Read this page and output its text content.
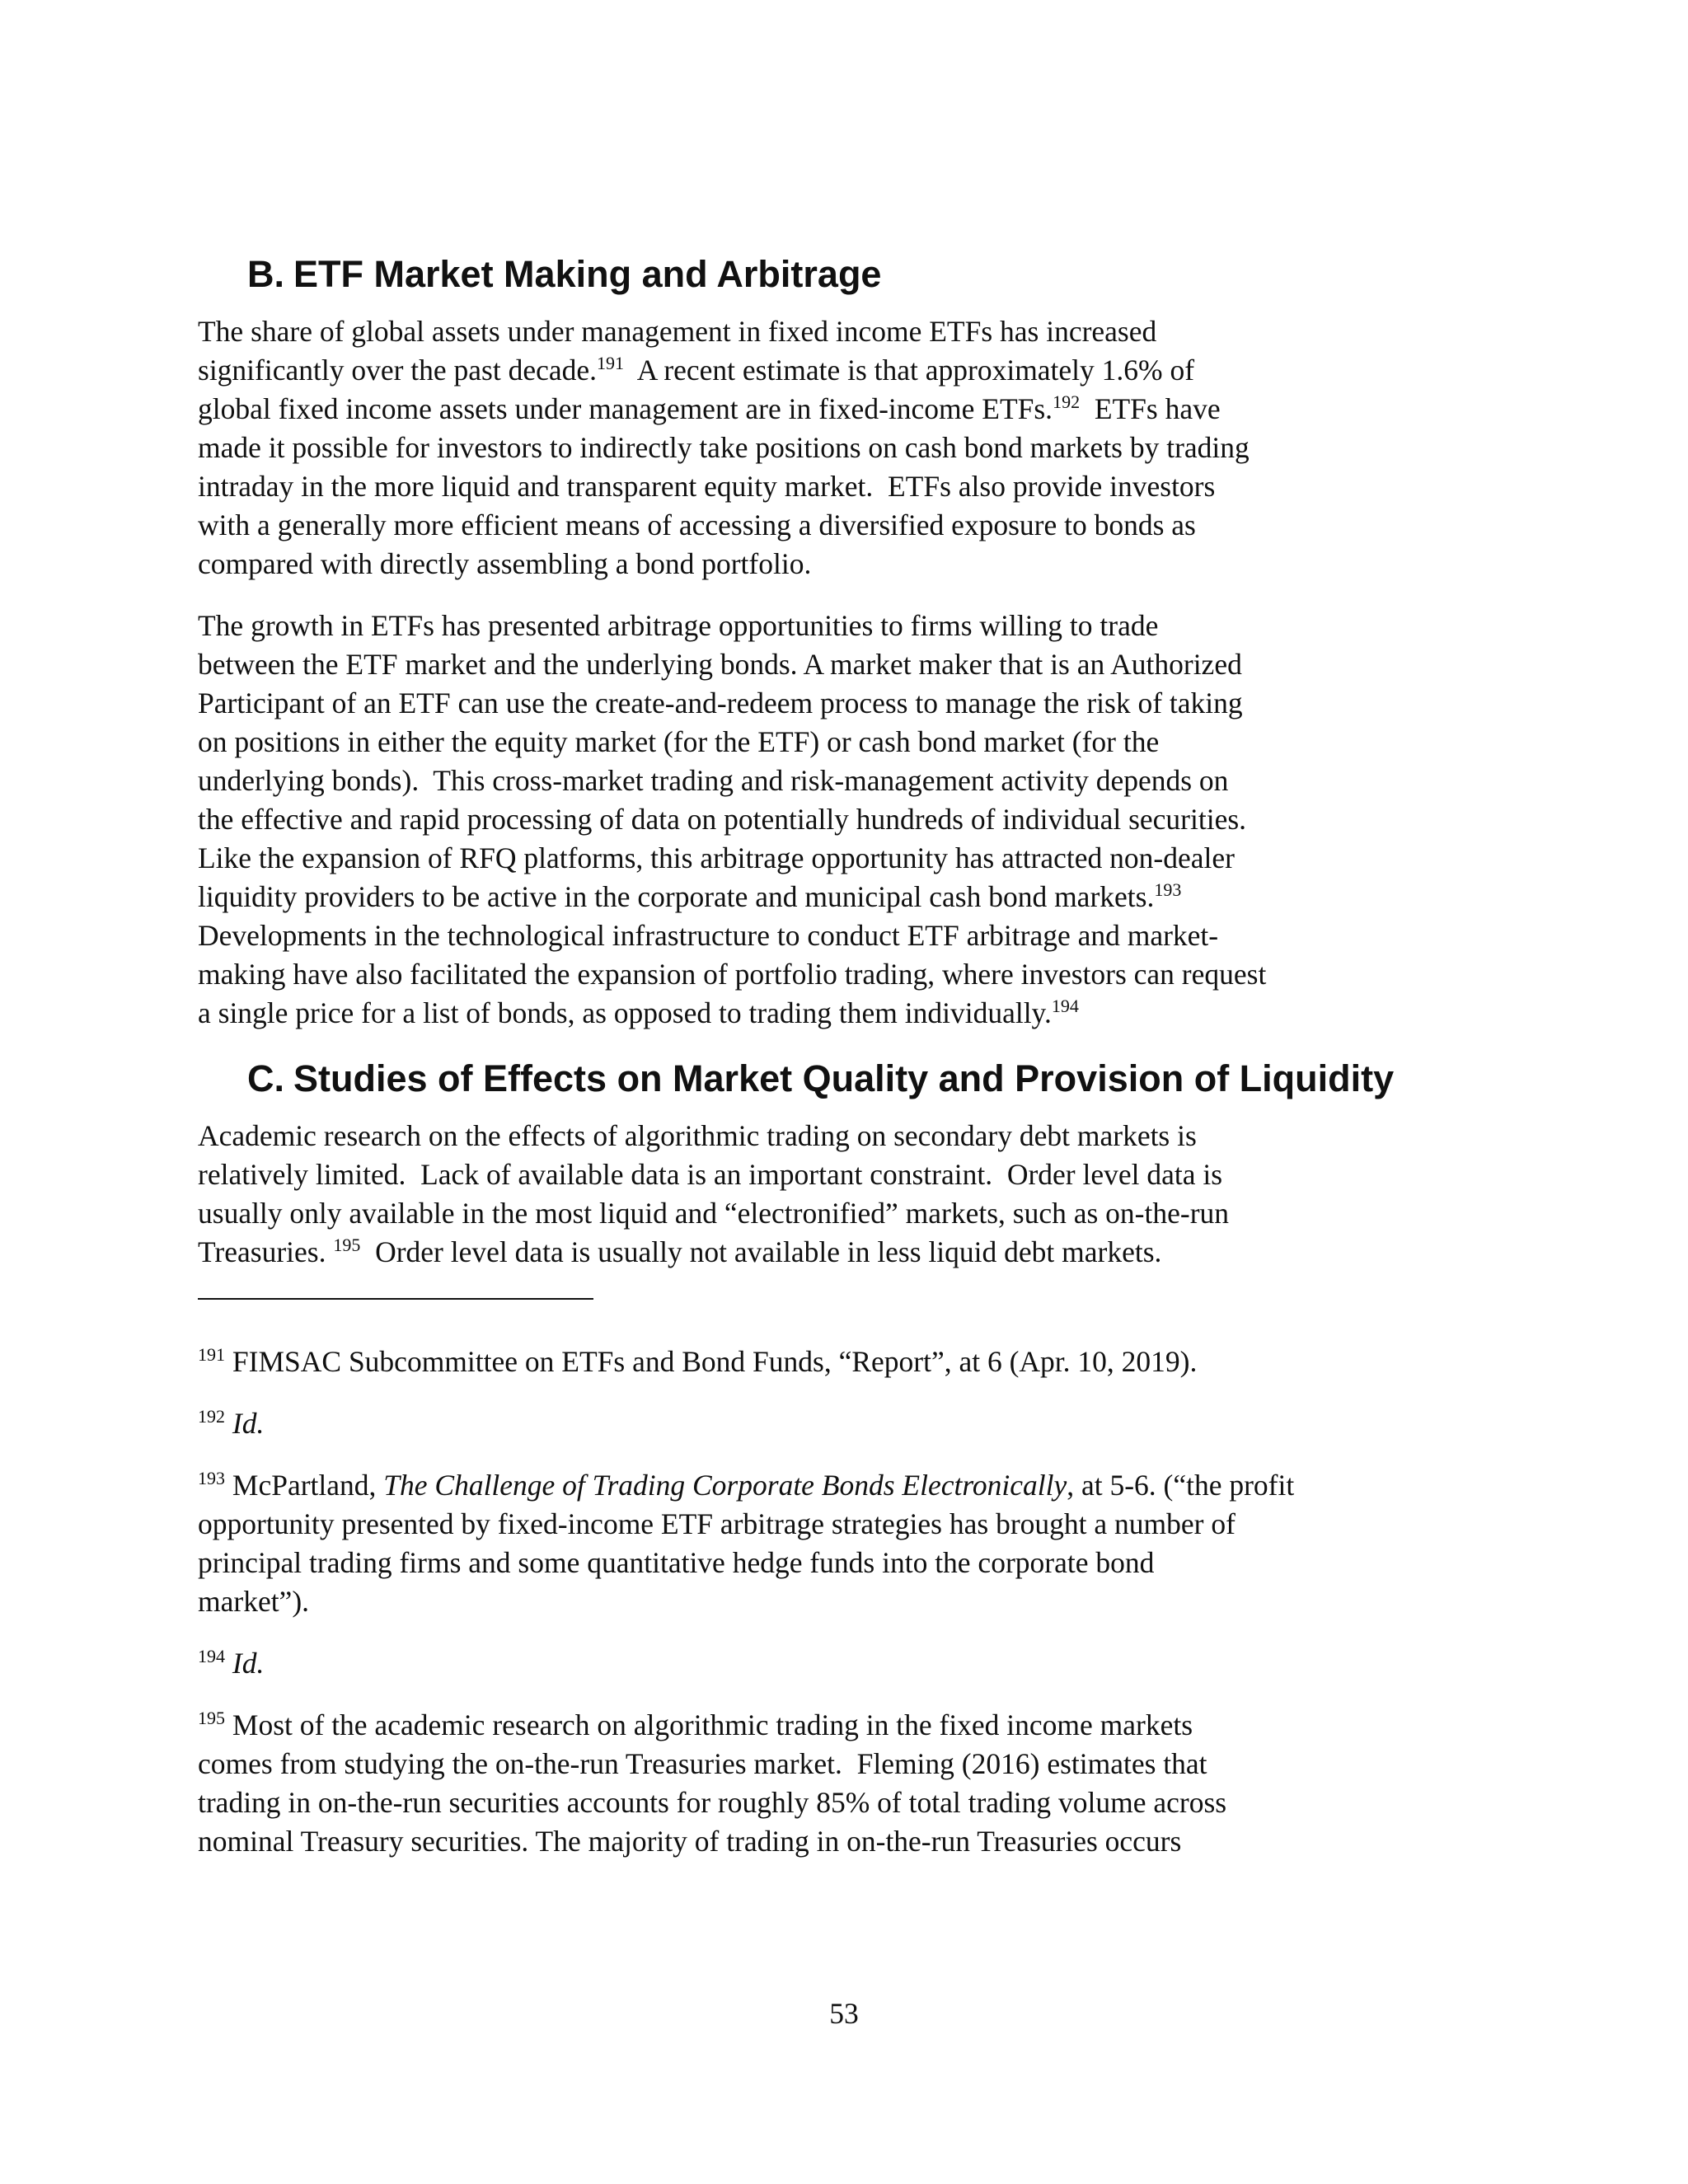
B. ETF Market Making and Arbitrage

The share of global assets under management in fixed income ETFs has increased
significantly over the past decade.$^{191}$  A recent estimate is that approximately 1.6% of
global fixed income assets under management are in fixed-income ETFs.$^{192}$  ETFs have
made it possible for investors to indirectly take positions on cash bond markets by trading
intraday in the more liquid and transparent equity market.  ETFs also provide investors
with a generally more efficient means of accessing a diversified exposure to bonds as
compared with directly assembling a bond portfolio.

The growth in ETFs has presented arbitrage opportunities to firms willing to trade
between the ETF market and the underlying bonds. A market maker that is an Authorized
Participant of an ETF can use the create-and-redeem process to manage the risk of taking
on positions in either the equity market (for the ETF) or cash bond market (for the
underlying bonds).  This cross-market trading and risk-management activity depends on
the effective and rapid processing of data on potentially hundreds of individual securities.
Like the expansion of RFQ platforms, this arbitrage opportunity has attracted non-dealer
liquidity providers to be active in the corporate and municipal cash bond markets.$^{193}$
Developments in the technological infrastructure to conduct ETF arbitrage and market-
making have also facilitated the expansion of portfolio trading, where investors can request
a single price for a list of bonds, as opposed to trading them individually.$^{194}$

C. Studies of Effects on Market Quality and Provision of Liquidity

Academic research on the effects of algorithmic trading on secondary debt markets is
relatively limited.  Lack of available data is an important constraint.  Order level data is
usually only available in the most liquid and “electronified” markets, such as on-the-run
Treasuries. $^{195}$  Order level data is usually not available in less liquid debt markets.

$^{191}$ FIMSAC Subcommittee on ETFs and Bond Funds, “Report”, at 6 (Apr. 10, 2019).

$^{192}$ Id.

$^{193}$ McPartland, The Challenge of Trading Corporate Bonds Electronically, at 5-6. (“the profit
opportunity presented by fixed-income ETF arbitrage strategies has brought a number of
principal trading firms and some quantitative hedge funds into the corporate bond
market”).

$^{194}$ Id.

$^{195}$ Most of the academic research on algorithmic trading in the fixed income markets
comes from studying the on-the-run Treasuries market.  Fleming (2016) estimates that
trading in on-the-run securities accounts for roughly 85% of total trading volume across
nominal Treasury securities. The majority of trading in on-the-run Treasuries occurs

53
